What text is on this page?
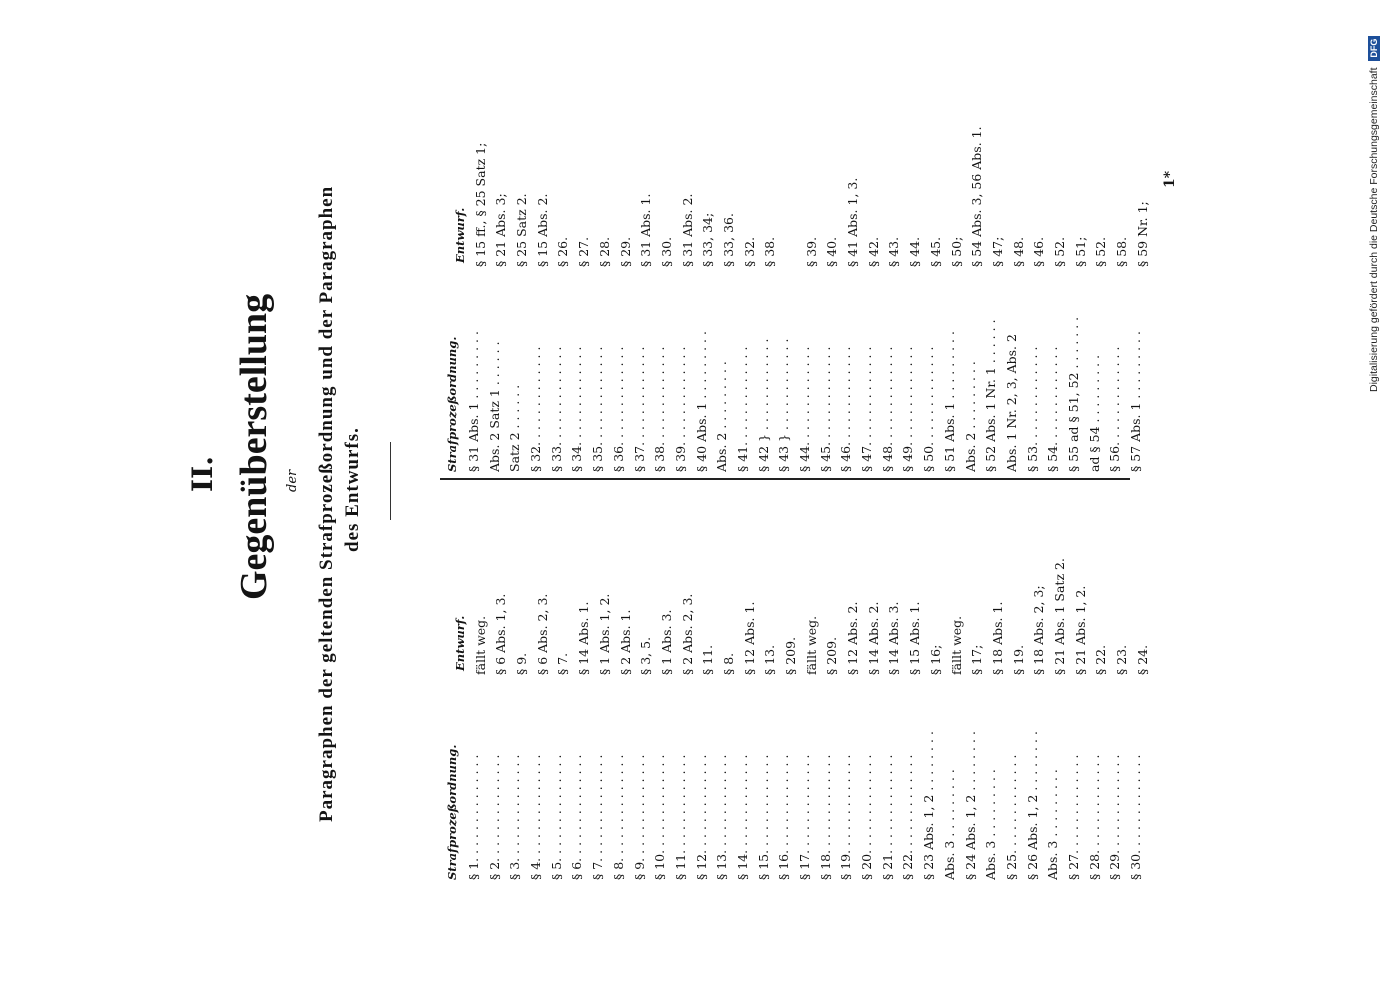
II. Gegenüberstellung der Paragraphen der geltenden Strafprozeßordnung und der Paragraphen des Entwurfs.
Strafprozeßordnung. Entwurf.
§ 1. . . . . . . . . . . . . .fällt weg.
§ 2. . . . . . . . . . . . . .§ 6 Abs. 1, 3.
§ 3. . . . . . . . . . . . . .§ 9.
§ 4. . . . . . . . . . . . . .§ 6 Abs. 2, 3.
§ 5. . . . . . . . . . . . . .§ 7.
§ 6. . . . . . . . . . . . . .§ 14 Abs. 1.
§ 7. . . . . . . . . . . . . .§ 1 Abs. 1, 2.
§ 8. . . . . . . . . . . . . .§ 2 Abs. 1.
§ 9. . . . . . . . . . . . . .§ 3, 5.
§ 10. . . . . . . . . . . . .§ 1 Abs. 3.
§ 11. . . . . . . . . . . . .§ 2 Abs. 2, 3.
§ 12. . . . . . . . . . . . .§ 11.
§ 13. . . . . . . . . . . . .§ 8.
§ 14. . . . . . . . . . . . .§ 12 Abs. 1.
§ 15. . . . . . . . . . . . .§ 13.
§ 16. . . . . . . . . . . . .§ 209.
§ 17. . . . . . . . . . . . .fällt weg.
§ 18. . . . . . . . . . . . .§ 209.
§ 19. . . . . . . . . . . . .§ 12 Abs. 2.
§ 20. . . . . . . . . . . . .§ 14 Abs. 2.
§ 21. . . . . . . . . . . . .§ 14 Abs. 3.
§ 22. . . . . . . . . . . . .§ 15 Abs. 1.
§ 23 Abs. 1, 2 . . . . . . . .§ 16;
Abs. 3 . . . . . . . . .fällt weg.
§ 24 Abs. 1, 2 . . . . . . . .§ 17;
Abs. 3 . . . . . . . . .§ 18 Abs. 1.
§ 25. . . . . . . . . . . . .§ 19.
§ 26 Abs. 1, 2 . . . . . . . .§ 18 Abs. 2, 3;
Abs. 3 . . . . . . . . .§ 21 Abs. 1 Satz 2.
§ 27. . . . . . . . . . . . .§ 21 Abs. 1, 2.
§ 28. . . . . . . . . . . . .§ 22.
§ 29. . . . . . . . . . . . .§ 23.
§ 30. . . . . . . . . . . . .§ 24.
Strafprozeßordnung. Entwurf.
§ 31 Abs. 1 . . . . . . . . .§ 15 ff., § 25 Satz 1;
Abs. 2 Satz 1 . . . . . .§ 21 Abs. 3;
Satz 2 . . . . . .§ 25 Satz 2.
§ 32. . . . . . . . . . . . .§ 15 Abs. 2.
§ 33. . . . . . . . . . . . .§ 26.
§ 34. . . . . . . . . . . . .§ 27.
§ 35. . . . . . . . . . . . .§ 28.
§ 36. . . . . . . . . . . . .§ 29.
§ 37. . . . . . . . . . . . .§ 31 Abs. 1.
§ 38. . . . . . . . . . . . .§ 30.
§ 39. . . . . . . . . . . . .§ 31 Abs. 2.
§ 40 Abs. 1 . . . . . . . . .§ 33, 34;
Abs. 2 . . . . . . . . .§ 33, 36.
§ 41. . . . . . . . . . . . .§ 32.
§ 42 } . . . . . . . . . . . .§ 38.
§ 43 } . . . . . . . . . . . . § 44. . . . . . . . . . . . .§ 39.
§ 45. . . . . . . . . . . . .§ 40.
§ 46. . . . . . . . . . . . .§ 41 Abs. 1, 3.
§ 47. . . . . . . . . . . . .§ 42.
§ 48. . . . . . . . . . . . .§ 43.
§ 49. . . . . . . . . . . . .§ 44.
§ 50. . . . . . . . . . . . .§ 45.
§ 51 Abs. 1 . . . . . . . . .§ 50;
Abs. 2 . . . . . . . . .§ 54 Abs. 3, 56 Abs. 1.
§ 52 Abs. 1 Nr. 1 . . . . . .§ 47;
Abs. 1 Nr. 2, 3, Abs. 2§ 48.
§ 53. . . . . . . . . . . . .§ 46.
§ 54. . . . . . . . . . . . .§ 52.
§ 55 ad § 51, 52 . . . . . . .§ 51;
ad § 54 . . . . . . . . .§ 52.
§ 56. . . . . . . . . . . . .§ 58.
§ 57 Abs. 1 . . . . . . . . .§ 59 Nr. 1;
1*	Digitalisierung gefördert durch die Deutsche Forschungsgemeinschaft DFG
